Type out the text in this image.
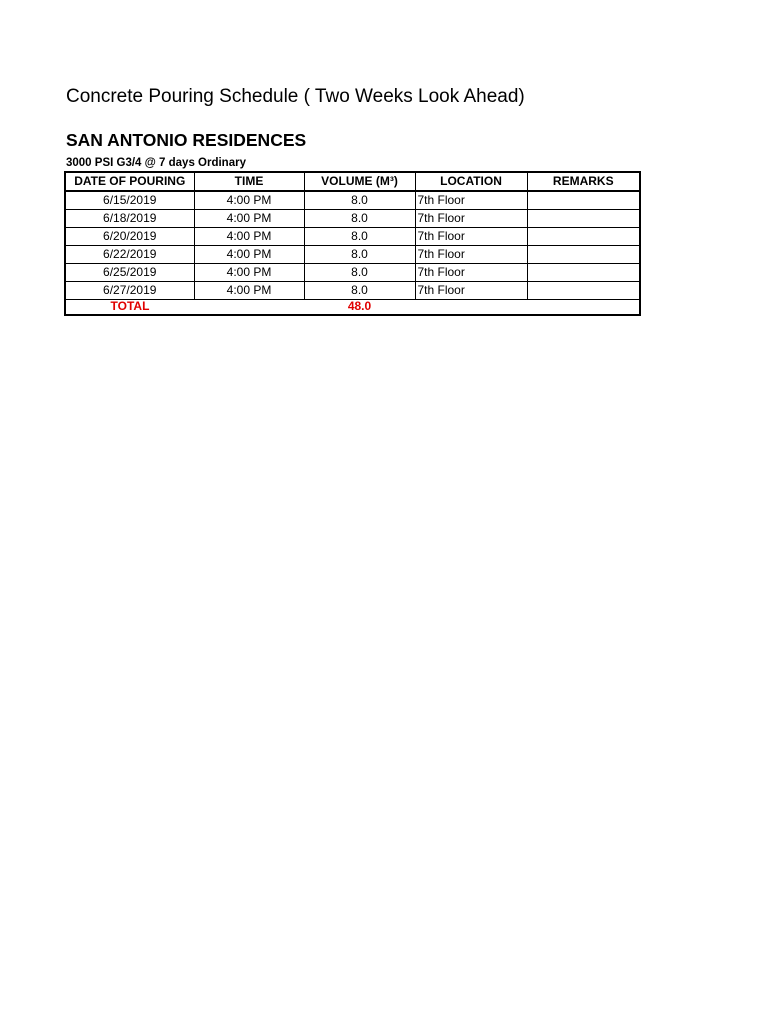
Concrete Pouring Schedule ( Two Weeks Look Ahead)
SAN ANTONIO RESIDENCES
3000 PSI G3/4 @ 7 days Ordinary
DATE OF POURING	TIME	VOLUME (M³)	LOCATION	REMARKS
6/15/2019	4:00 PM	8.0	7th Floor	
6/18/2019	4:00 PM	8.0	7th Floor	
6/20/2019	4:00 PM	8.0	7th Floor	
6/22/2019	4:00 PM	8.0	7th Floor	
6/25/2019	4:00 PM	8.0	7th Floor	
6/27/2019	4:00 PM	8.0	7th Floor	
TOTAL		48.0		
